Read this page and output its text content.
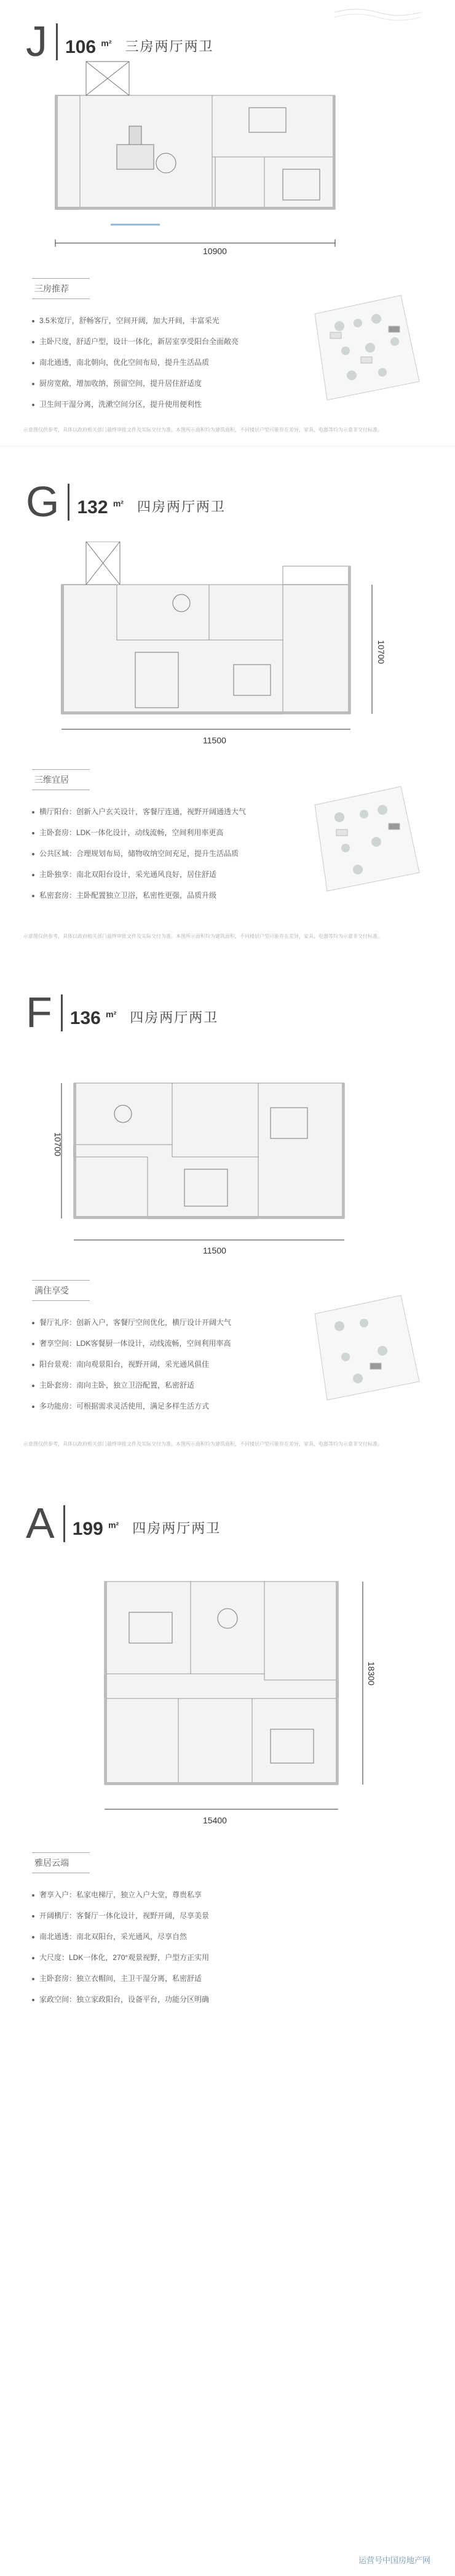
J 106 $^{m^2}$ 三房两厅两卫
10900
三房推荐
3.5米宽厅，舒畅客厅，空间开阔，加大开间，丰富采光
主卧尺度，舒适户型，设计一体化，新居室享受阳台全面敞亮
南北通透，南北朝向，优化空间布局，提升生活品质
厨房宽敞，增加收纳，预留空间，提升居住舒适度
卫生间干湿分离，洗漱空间分区，提升使用便利性
示意图仅供参考，具体以政府相关部门最终审批文件及实际交付为准。本图所示面积均为建筑面积，不同楼层户型可能存在差异，家具、电器等均为示意非交付标准。
G 132 $^{m^2}$ 四房两厅两卫
11500
10700
三维宜居
横厅阳台：创新入户玄关设计，客餐厅连通，视野开阔通透大气
主卧套房：LDK一体化设计，动线流畅，空间利用率更高
公共区域：合理规划布局，储物收纳空间充足，提升生活品质
主卧独享：南北双阳台设计，采光通风良好，居住舒适
私密套房：主卧配置独立卫浴，私密性更强，品质升级
示意图仅供参考，具体以政府相关部门最终审批文件及实际交付为准。本图所示面积均为建筑面积，不同楼层户型可能存在差异，家具、电器等均为示意非交付标准。
F 136 $^{m^2}$ 四房两厅两卫
11500
10700
满住享受
餐厅礼序：创新入户，客餐厅空间优化，横厅设计开阔大气
奢享空间：LDK客餐厨一体设计，动线流畅，空间利用率高
阳台景观：南向观景阳台，视野开阔，采光通风俱佳
主卧套房：南向主卧，独立卫浴配置，私密舒适
多功能房：可根据需求灵活使用，满足多样生活方式
示意图仅供参考，具体以政府相关部门最终审批文件及实际交付为准。本图所示面积均为建筑面积，不同楼层户型可能存在差异，家具、电器等均为示意非交付标准。
A 199 $^{m^2}$ 四房两厅两卫
15400
18300
雅居云端
奢享入户：私家电梯厅，独立入户大堂，尊贵私享
开阔横厅：客餐厅一体化设计，视野开阔，尽享美景
南北通透：南北双阳台，采光通风，尽享自然
大尺度：LDK一体化，270°观景视野，户型方正实用
主卧套房：独立衣帽间，主卫干湿分离，私密舒适
家政空间：独立家政阳台，设备平台，功能分区明确
运营号中国房地产网
